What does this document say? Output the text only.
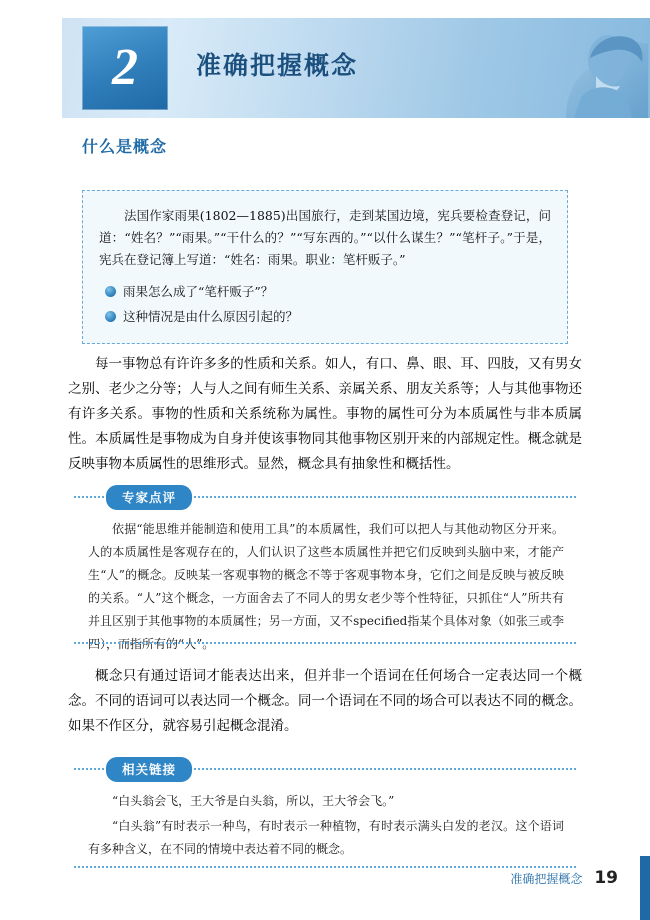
2	准确把握概念
什么是概念
法国作家雨果(1802—1885)出国旅行，走到某国边境，宪兵要检查登记，问道：“姓名？”“雨果。”“干什么的？”“写东西的。”“以什么谋生？”“笔杆子。”于是，宪兵在登记簿上写道：“姓名：雨果。职业：笔杆贩子。”
雨果怎么成了“笔杆贩子”？
这种情况是由什么原因引起的？
每一事物总有许许多多的性质和关系。如人，有口、鼻、眼、耳、四肢，又有男女之别、老少之分等；人与人之间有师生关系、亲属关系、朋友关系等；人与其他事物还有许多关系。事物的性质和关系统称为属性。事物的属性可分为本质属性与非本质属性。本质属性是事物成为自身并使该事物同其他事物区别开来的内部规定性。概念就是反映事物本质属性的思维形式。显然，概念具有抽象性和概括性。
专家点评

依据“能思维并能制造和使用工具”的本质属性，我们可以把人与其他动物区分开来。人的本质属性是客观存在的，人们认识了这些本质属性并把它们反映到头脑中来，才能产生“人”的概念。反映某一客观事物的概念不等于客观事物本身，它们之间是反映与被反映的关系。“人”这个概念，一方面舍去了不同人的男女老少等个性特征，只抓住“人”所共有并且区别于其他事物的本质属性；另一方面，又不specified指某个具体对象（如张三或李四），而指所有的“人”。

概念只有通过语词才能表达出来，但并非一个语词在任何场合一定表达同一个概念。不同的语词可以表达同一个概念。同一个语词在不同的场合可以表达不同的概念。如果不作区分，就容易引起概念混淆。
相关链接

“白头翁会飞，王大爷是白头翁，所以，王大爷会飞。”

“白头翁”有时表示一种鸟，有时表示一种植物，有时表示满头白发的老汉。这个语词有多种含义，在不同的情境中表达着不同的概念。

准确把握概念 19
